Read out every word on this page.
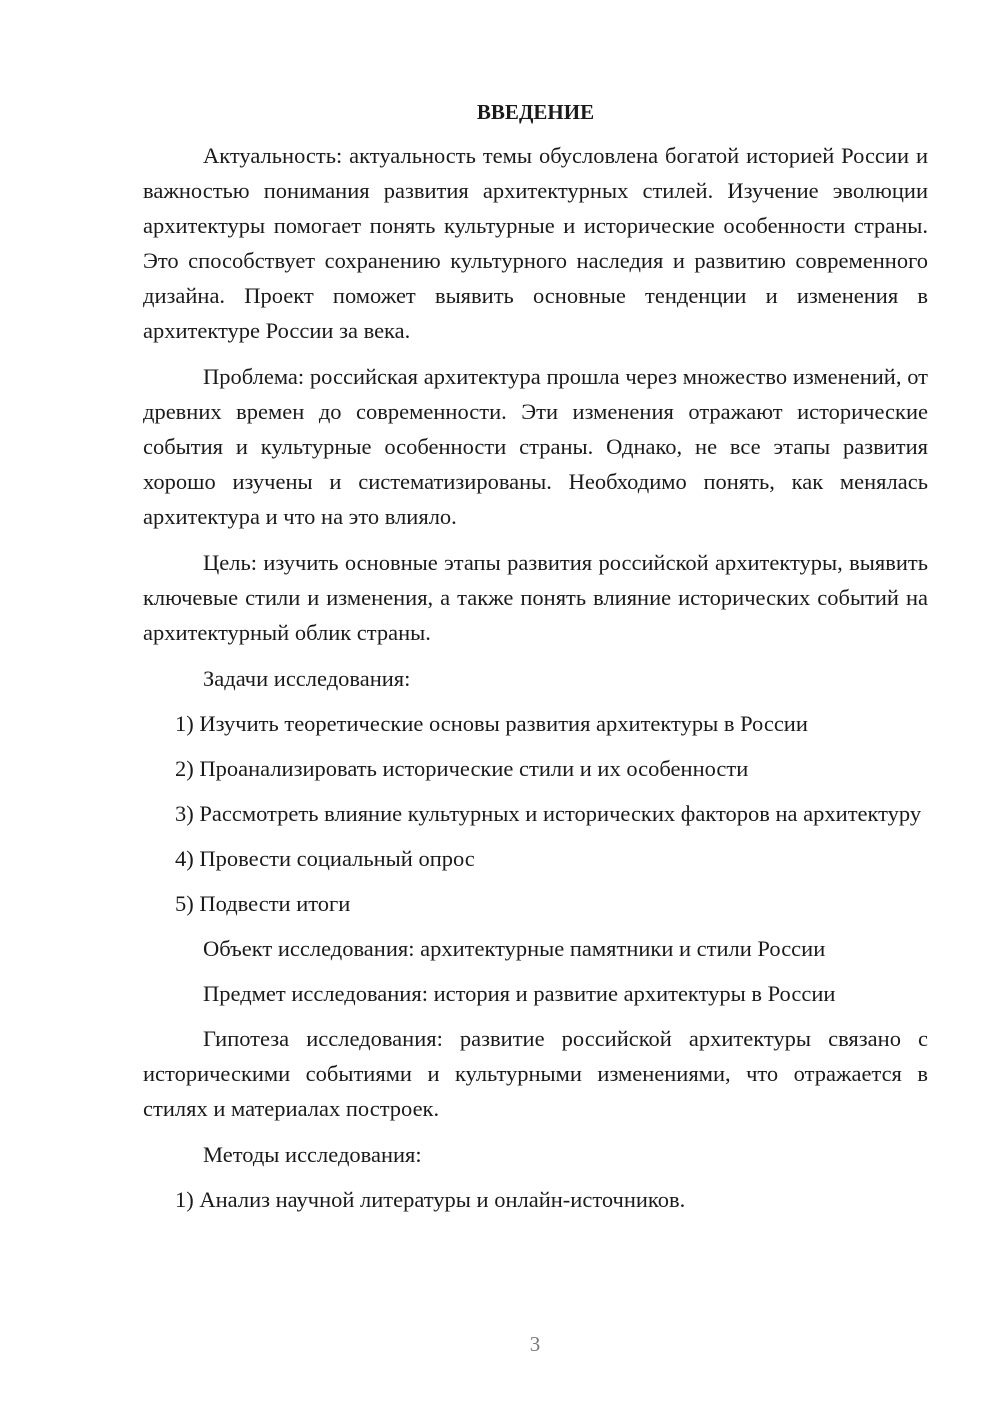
ВВЕДЕНИЕ

Актуальность: актуальность темы обусловлена богатой историей России и важностью понимания развития архитектурных стилей. Изучение эволюции архитектуры помогает понять культурные и исторические особенности страны. Это способствует сохранению культурного наследия и развитию современного дизайна. Проект поможет выявить основные тенденции и изменения в архитектуре России за века.

Проблема: российская архитектура прошла через множество изменений, от древних времен до современности. Эти изменения отражают исторические события и культурные особенности страны. Однако, не все этапы развития хорошо изучены и систематизированы. Необходимо понять, как менялась архитектура и что на это влияло.

Цель: изучить основные этапы развития российской архитектуры, выявить ключевые стили и изменения, а также понять влияние исторических событий на архитектурный облик страны.

Задачи исследования:

1) Изучить теоретические основы развития архитектуры в России

2) Проанализировать исторические стили и их особенности

3) Рассмотреть влияние культурных и исторических факторов на архитектуру

4) Провести социальный опрос

5) Подвести итоги

Объект исследования: архитектурные памятники и стили России

Предмет исследования: история и развитие архитектуры в России

Гипотеза исследования: развитие российской архитектуры связано с историческими событиями и культурными изменениями, что отражается в стилях и материалах построек.

Методы исследования:

1) Анализ научной литературы и онлайн-источников.

3
